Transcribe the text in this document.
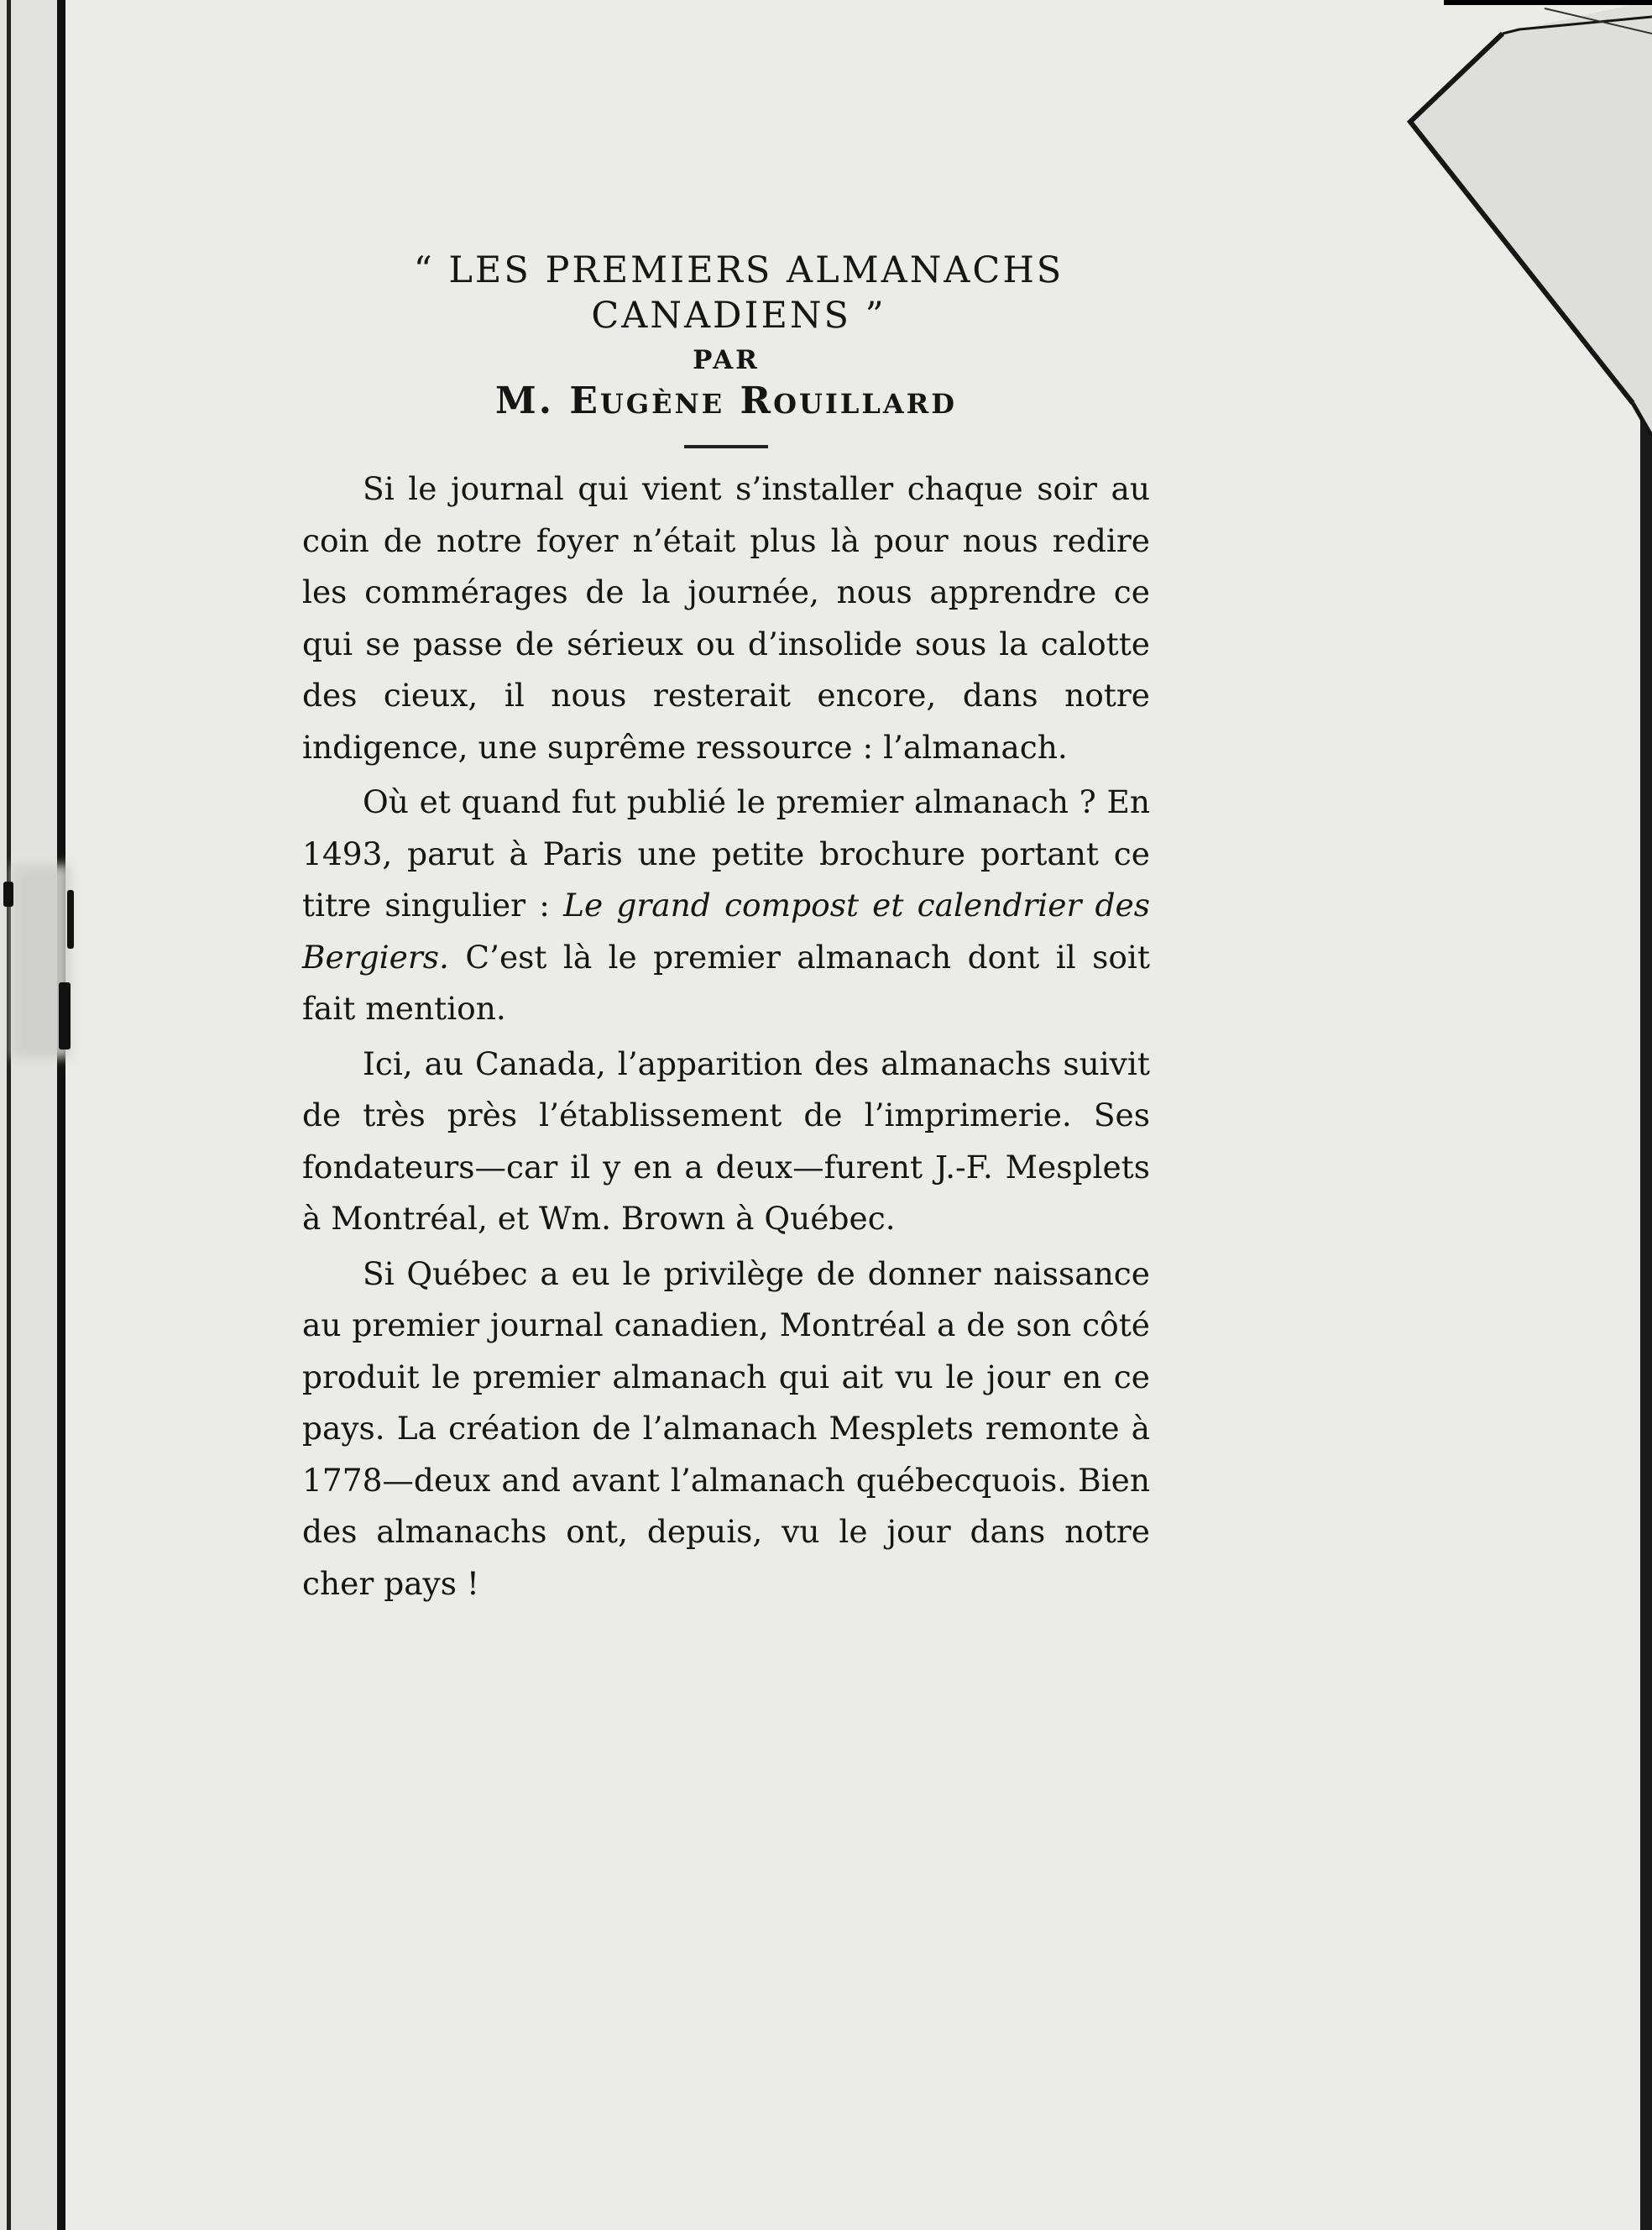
“ LES PREMIERS ALMANACHS
CANADIENS ”
PAR
M. EUGÈNE ROUILLARD

Si le journal qui vient s’installer chaque soir au coin de notre foyer n’était plus là pour nous redire les commérages de la journée, nous apprendre ce qui se passe de sérieux ou d’insolide sous la calotte des cieux, il nous resterait encore, dans notre indigence, une suprême ressource : l’almanach.

Où et quand fut publié le premier almanach ? En 1493, parut à Paris une petite brochure portant ce titre singulier : Le grand compost et calendrier des Bergiers. C’est là le premier almanach dont il soit fait mention.

Ici, au Canada, l’apparition des almanachs suivit de très près l’établissement de l’imprimerie. Ses fondateurs—car il y en a deux—furent J.-F. Mesplets à Montréal, et Wm. Brown à Québec.

Si Québec a eu le privilège de donner naissance au premier journal canadien, Montréal a de son côté produit le premier almanach qui ait vu le jour en ce pays. La création de l’almanach Mesplets remonte à 1778—deux and avant l’almanach québecquois. Bien des almanachs ont, depuis, vu le jour dans notre cher pays !
